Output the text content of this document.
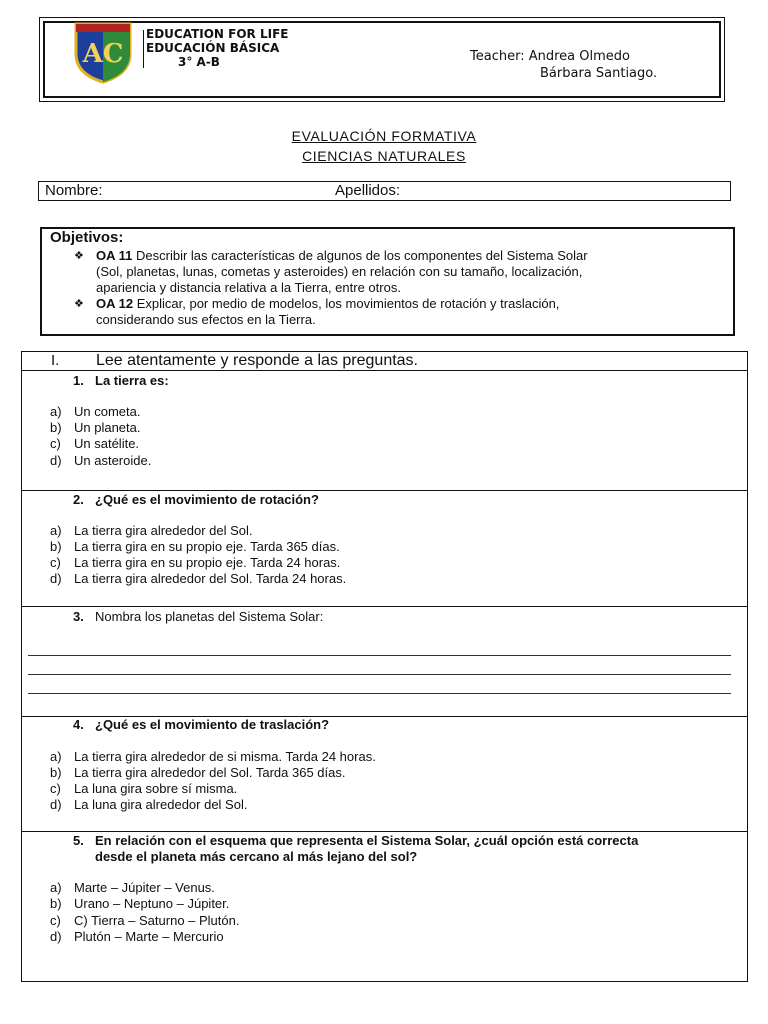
AC
EDUCATION FOR LIFE
EDUCACIÓN BÁSICA
3° A-B	Teacher: Andrea Olmedo
Bárbara Santiago.
EVALUACIÓN FORMATIVA
CIENCIAS NATURALES
Nombre:	Apellidos:
Objetivos:
❖ OA 11 Describir las características de algunos de los componentes del Sistema Solar
(Sol, planetas, lunas, cometas y asteroides) en relación con su tamaño, localización,
apariencia y distancia relativa a la Tierra, entre otros.
❖ OA 12 Explicar, por medio de modelos, los movimientos de rotación y traslación,
considerando sus efectos en la Tierra.
I. Lee atentamente y responde a las preguntas.
1. La tierra es:
a) Un cometa.
b) Un planeta.
c) Un satélite.
d) Un asteroide.
2. ¿Qué es el movimiento de rotación?
a) La tierra gira alrededor del Sol.
b) La tierra gira en su propio eje. Tarda 365 días.
c) La tierra gira en su propio eje. Tarda 24 horas.
d) La tierra gira alrededor del Sol. Tarda 24 horas.
3. Nombra los planetas del Sistema Solar:
4. ¿Qué es el movimiento de traslación?
a) La tierra gira alrededor de si misma. Tarda 24 horas.
b) La tierra gira alrededor del Sol. Tarda 365 días.
c) La luna gira sobre sí misma.
d) La luna gira alrededor del Sol.
5. En relación con el esquema que representa el Sistema Solar, ¿cuál opción está correcta
desde el planeta más cercano al más lejano del sol?
a) Marte – Júpiter – Venus.
b) Urano – Neptuno – Júpiter.
c) C) Tierra – Saturno – Plutón.
d) Plutón – Marte – Mercurio
